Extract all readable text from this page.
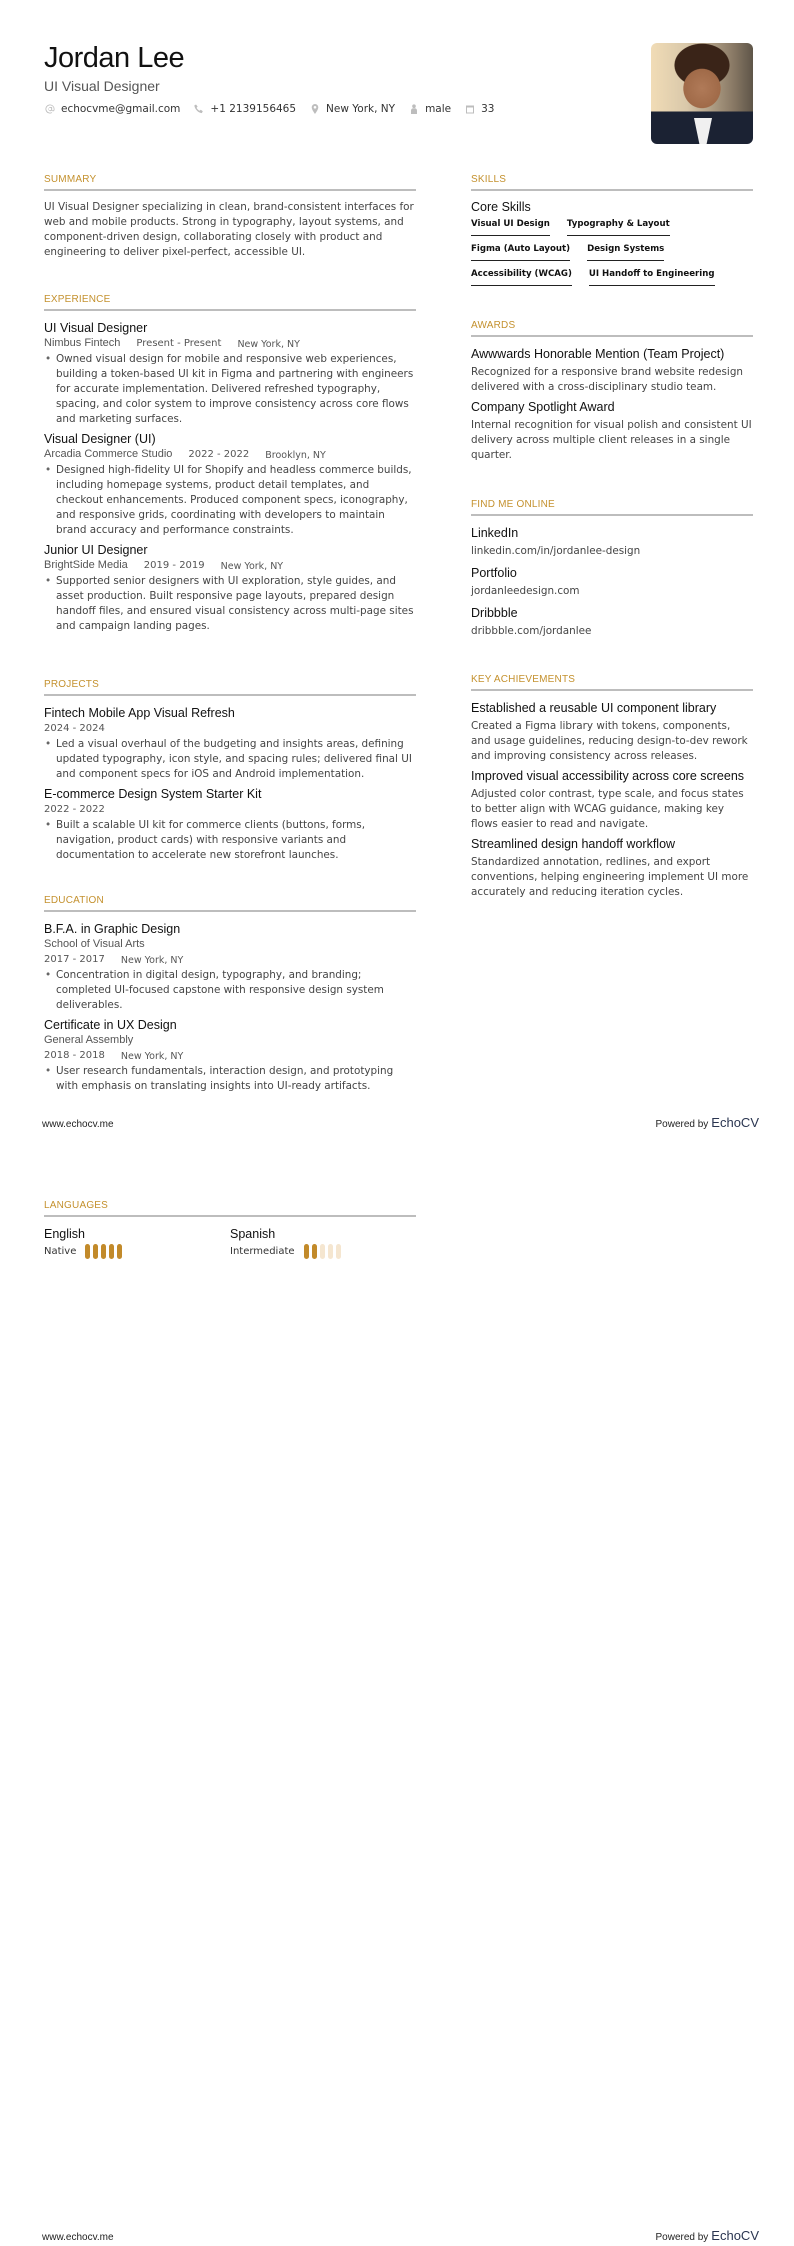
Jordan Lee
UI Visual Designer
echocvme@gmail.com	+1 2139156465	New York, NY	male	33
SUMMARY
UI Visual Designer specializing in clean, brand-consistent interfaces for web and mobile products. Strong in typography, layout systems, and component-driven design, collaborating closely with product and engineering to deliver pixel-perfect, accessible UI.
EXPERIENCE
UI Visual Designer
Nimbus Fintech Present - Present New York, NY
• Owned visual design for mobile and responsive web experiences, building a token-based UI kit in Figma and partnering with engineers for accurate implementation. Delivered refreshed typography, spacing, and color system to improve consistency across core flows and marketing surfaces.
Visual Designer (UI)
Arcadia Commerce Studio 2022 - 2022 Brooklyn, NY
• Designed high-fidelity UI for Shopify and headless commerce builds, including homepage systems, product detail templates, and checkout enhancements. Produced component specs, iconography, and responsive grids, coordinating with developers to maintain brand accuracy and performance constraints.
Junior UI Designer
BrightSide Media 2019 - 2019 New York, NY
• Supported senior designers with UI exploration, style guides, and asset production. Built responsive page layouts, prepared design handoff files, and ensured visual consistency across multi-page sites and campaign landing pages.
PROJECTS
Fintech Mobile App Visual Refresh
2024 - 2024
• Led a visual overhaul of the budgeting and insights areas, defining updated typography, icon style, and spacing rules; delivered final UI and component specs for iOS and Android implementation.
E-commerce Design System Starter Kit
2022 - 2022
• Built a scalable UI kit for commerce clients (buttons, forms, navigation, product cards) with responsive variants and documentation to accelerate new storefront launches.
EDUCATION
B.F.A. in Graphic Design
School of Visual Arts
2017 - 2017 New York, NY
• Concentration in digital design, typography, and branding; completed UI-focused capstone with responsive design system deliverables.
Certificate in UX Design
General Assembly
2018 - 2018 New York, NY
• User research fundamentals, interaction design, and prototyping with emphasis on translating insights into UI-ready artifacts.
SKILLS
Core Skills
Visual UI Design Typography & Layout
Figma (Auto Layout) Design Systems
Accessibility (WCAG) UI Handoff to Engineering
AWARDS
Awwwards Honorable Mention (Team Project)
Recognized for a responsive brand website redesign delivered with a cross-disciplinary studio team.
Company Spotlight Award
Internal recognition for visual polish and consistent UI delivery across multiple client releases in a single quarter.
FIND ME ONLINE
LinkedIn
linkedin.com/in/jordanlee-design
Portfolio
jordanleedesign.com
Dribbble
dribbble.com/jordanlee
KEY ACHIEVEMENTS
Established a reusable UI component library
Created a Figma library with tokens, components, and usage guidelines, reducing design-to-dev rework and improving consistency across releases.
Improved visual accessibility across core screens
Adjusted color contrast, type scale, and focus states to better align with WCAG guidance, making key flows easier to read and navigate.
Streamlined design handoff workflow
Standardized annotation, redlines, and export conventions, helping engineering implement UI more accurately and reducing iteration cycles.
www.echocv.me	Powered by EchoCV
LANGUAGES
English
Native
Spanish
Intermediate
www.echocv.me	Powered by EchoCV
